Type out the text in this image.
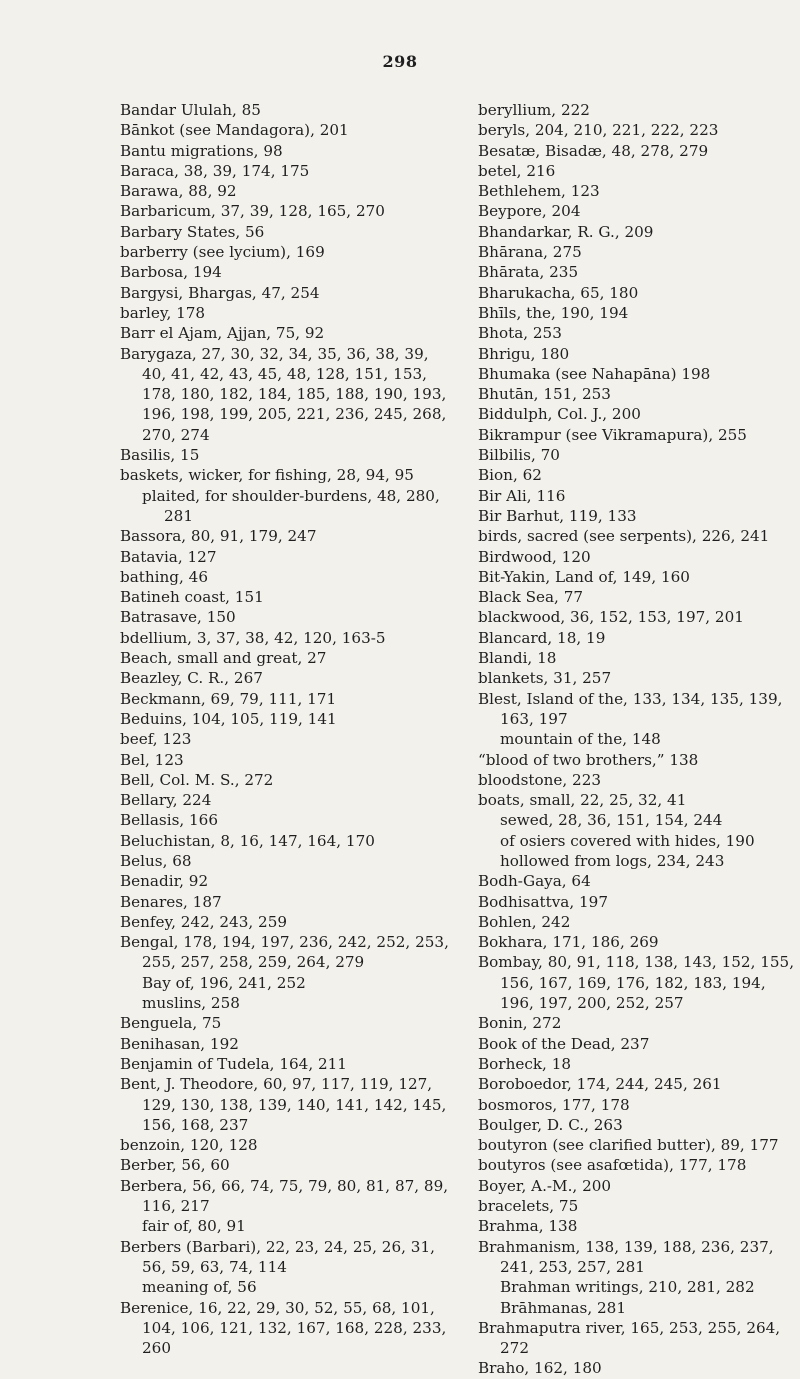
298
Bandar Ululah, 85
Bānkot (see Mandagora), 201
Bantu migrations, 98
Baraca, 38, 39, 174, 175
Barawa, 88, 92
Barbaricum, 37, 39, 128, 165, 270
Barbary States, 56
barberry (see lycium), 169
Barbosa, 194
Bargysi, Bhargas, 47, 254
barley, 178
Barr el Ajam, Ajjan, 75, 92
Barygaza, 27, 30, 32, 34, 35, 36, 38, 39, 40, 41, 42, 43, 45, 48, 128, 151, 153, 178, 180, 182, 184, 185, 188, 190, 193, 196, 198, 199, 205, 221, 236, 245, 268, 270, 274
Basilis, 15
baskets, wicker, for fishing, 28, 94, 95
plaited, for shoulder-burdens, 48, 280, 281
Bassora, 80, 91, 179, 247
Batavia, 127
bathing, 46
Batineh coast, 151
Batrasave, 150
bdellium, 3, 37, 38, 42, 120, 163-5
Beach, small and great, 27
Beazley, C. R., 267
Beckmann, 69, 79, 111, 171
Beduins, 104, 105, 119, 141
beef, 123
Bel, 123
Bell, Col. M. S., 272
Bellary, 224
Bellasis, 166
Beluchistan, 8, 16, 147, 164, 170
Belus, 68
Benadir, 92
Benares, 187
Benfey, 242, 243, 259
Bengal, 178, 194, 197, 236, 242, 252, 253, 255, 257, 258, 259, 264, 279
Bay of, 196, 241, 252
muslins, 258
Benguela, 75
Benihasan, 192
Benjamin of Tudela, 164, 211
Bent, J. Theodore, 60, 97, 117, 119, 127, 129, 130, 138, 139, 140, 141, 142, 145, 156, 168, 237
benzoin, 120, 128
Berber, 56, 60
Berbera, 56, 66, 74, 75, 79, 80, 81, 87, 89, 116, 217
fair of, 80, 91
Berbers (Barbari), 22, 23, 24, 25, 26, 31, 56, 59, 63, 74, 114
meaning of, 56
Berenice, 16, 22, 29, 30, 52, 55, 68, 101, 104, 106, 121, 132, 167, 168, 228, 233, 260
beryllium, 222
beryls, 204, 210, 221, 222, 223
Besatæ, Bisadæ, 48, 278, 279
betel, 216
Bethlehem, 123
Beypore, 204
Bhandarkar, R. G., 209
Bhārana, 275
Bhārata, 235
Bharukacha, 65, 180
Bhīls, the, 190, 194
Bhota, 253
Bhrigu, 180
Bhumaka (see Nahapāna) 198
Bhutān, 151, 253
Biddulph, Col. J., 200
Bikrampur (see Vikramapura), 255
Bilbilis, 70
Bion, 62
Bir Ali, 116
Bir Barhut, 119, 133
birds, sacred (see serpents), 226, 241
Birdwood, 120
Bit-Yakin, Land of, 149, 160
Black Sea, 77
blackwood, 36, 152, 153, 197, 201
Blancard, 18, 19
Blandi, 18
blankets, 31, 257
Blest, Island of the, 133, 134, 135, 139, 163, 197
mountain of the, 148
“blood of two brothers,” 138
bloodstone, 223
boats, small, 22, 25, 32, 41
sewed, 28, 36, 151, 154, 244
of osiers covered with hides, 190
hollowed from logs, 234, 243
Bodh-Gaya, 64
Bodhisattva, 197
Bohlen, 242
Bokhara, 171, 186, 269
Bombay, 80, 91, 118, 138, 143, 152, 155, 156, 167, 169, 176, 182, 183, 194, 196, 197, 200, 252, 257
Bonin, 272
Book of the Dead, 237
Borheck, 18
Boroboedor, 174, 244, 245, 261
bosmoros, 177, 178
Boulger, D. C., 263
boutyron (see clarified butter), 89, 177
boutyros (see asafœtida), 177, 178
Boyer, A.-M., 200
bracelets, 75
Brahma, 138
Brahmanism, 138, 139, 188, 236, 237, 241, 253, 257, 281
Brahman writings, 210, 281, 282
Brāhmanas, 281
Brahmaputra river, 165, 253, 255, 264, 272
Braho, 162, 180
